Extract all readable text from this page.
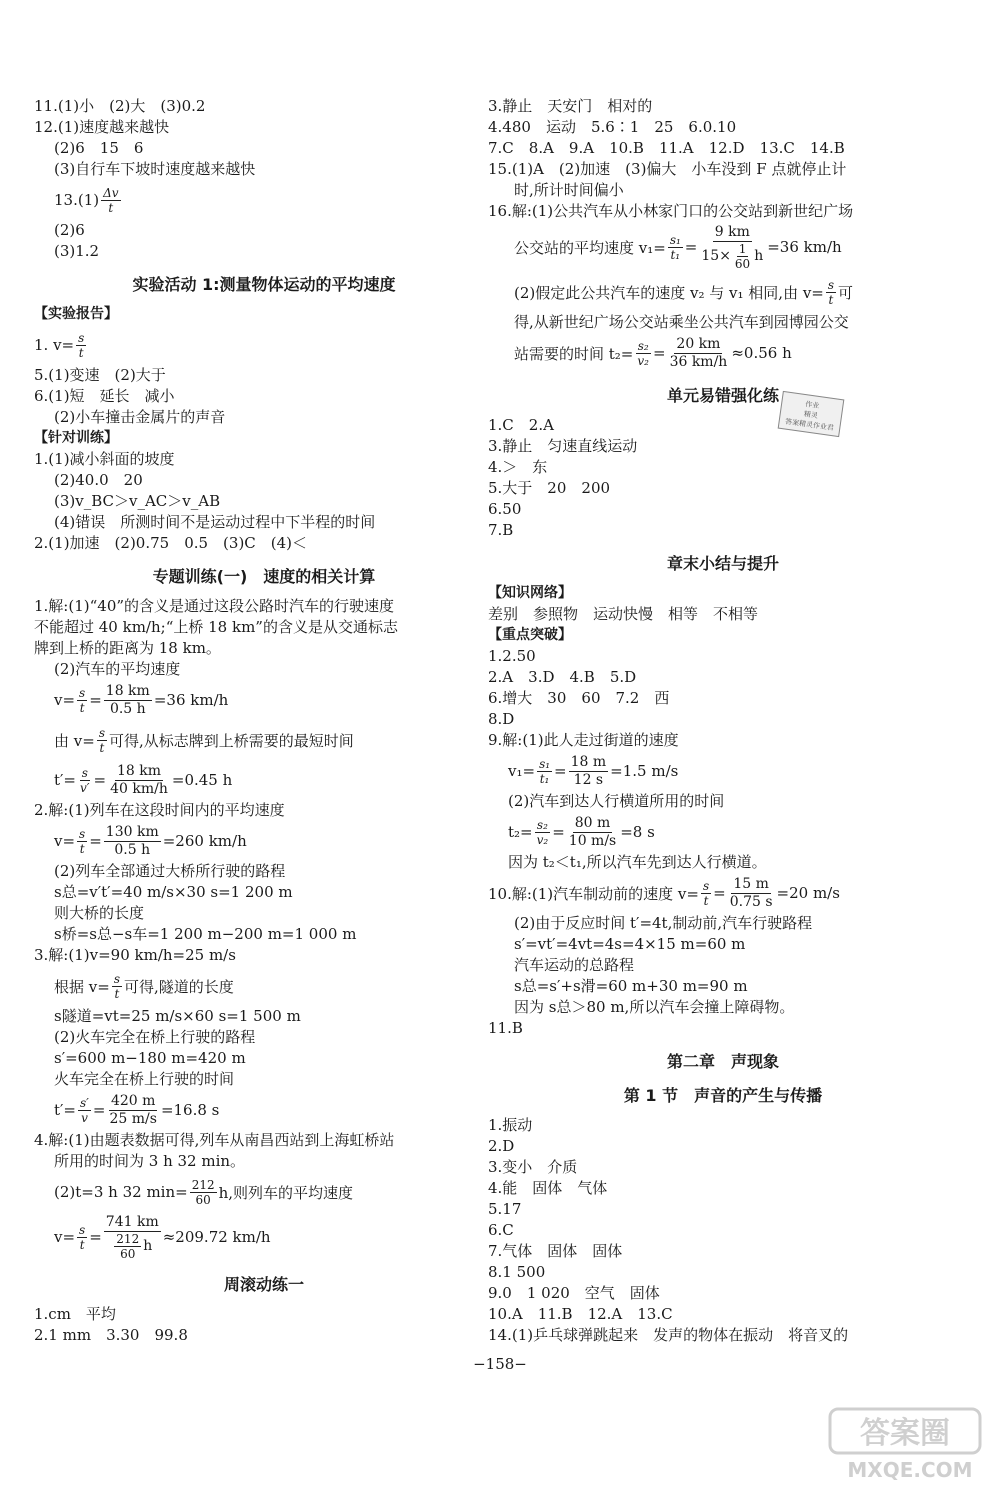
11.(1)小　(2)大　(3)0.2
12.(1)速度越来越快
(2)6　15　6
(3)自行车下坡时速度越来越快
13.(1) Δv
t
(2)6
(3)1.2
实验活动 1:测量物体运动的平均速度
【实验报告】
1. $v= \frac{s}{t}$
5.(1)变速　(2)大于
6.(1)短　延长　减小
(2)小车撞击金属片的声音
【针对训练】
1.(1)减小斜面的坡度
(2)40.0　20
(3)v_BC＞v_AC＞v_AB
(4)错误　所测时间不是运动过程中下半程的时间
2.(1)加速　(2)0.75　0.5　(3)C　(4)＜
专题训练(一)　速度的相关计算
1.解:(1)“40”的含义是通过这段公路时汽车的行驶速度
不能超过 40 km/h;“上桥 18 km”的含义是从交通标志
牌到上桥的距离为 18 km。
(2)汽车的平均速度
$v= \frac{s}{t} = \frac{18 km}{0.5 h} =36$ km/h
由 $v= \frac{s}{t}$ 可得,从标志牌到上桥需要的最短时间
$t'= \frac{s}{v'} = \frac{18 km}{40 km/h} =0.45$ h
2.解:(1)列车在这段时间内的平均速度
$v= \frac{s}{t} = \frac{130 km}{0.5 h} =260$ km/h
(2)列车全部通过大桥所行驶的路程
s总=v′t′=40 m/s×30 s=1 200 m
则大桥的长度
s桥=s总−s车=1 200 m−200 m=1 000 m
3.解:(1)v=90 km/h=25 m/s
根据 $v= \frac{s}{t}$ 可得,隧道的长度
s隧道=vt=25 m/s×60 s=1 500 m
(2)火车完全在桥上行驶的路程
s′=600 m−180 m=420 m
火车完全在桥上行驶的时间
$t'= \frac{s'}{v} = \frac{420 m}{25 m/s} =16.8$ s
4.解:(1)由题表数据可得,列车从南昌西站到上海虹桥站
所用的时间为 3 h 32 min。
(2)t=3 h 32 $\min= \frac{212}{60} h$,则列车的平均速度
$v= \frac{s}{t} = 741$ km
212
60 h ≈209.72 km/h
周滚动练一
1.cm　平均
2.1 mm　3.30　99.8
3.静止　天安门　相对的
4.480　运动　5.6∶1　25　6.0.10
7.C　8.A　9.A　10.B　11.A　12.D　13.C　14.B
15.(1)A　(2)加速　(3)偏大　小车没到 F 点就停止计
时,所计时间偏小
16.解:(1)公共汽车从小林家门口的公交站到新世纪广场
公交站的平均速度 $v_1= \frac{\text{s₁}}{\text{t₁}} = \frac{9 km}{15\times \frac{1}{60} h} =36$ km/h
(2)假定此公共汽车的速度 v₂ 与 v₁ 相同,由 $v= \frac{s}{t}$ 可
得,从新世纪广场公交站乘坐公共汽车到园博园公交
站需要的时间 $t_2= \frac{\text{s₂}}{\text{v₂}} = \frac{20 km}{36 km/h} \approx 0.56$ h
单元易错强化练
1.C　2.A
3.静止　匀速直线运动
4.＞　东
5.大于　20　200
6.50
7.B
章末小结与提升
【知识网络】
差别　参照物　运动快慢　相等　不相等
【重点突破】
1.2.50
2.A　3.D　4.B　5.D
6.增大　30　60　7.2　西
8.D
9.解:(1)此人走过街道的速度
$v_1= \frac{\text{s₁}}{\text{t₁}} = \frac{18 m}{12 s} =1.5$ m/s
(2)汽车到达人行横道所用的时间
$t_2= \frac{\text{s₂}}{\text{v₂}} = \frac{80 m}{10 m/s} =8$ s
因为 t₂＜t₁,所以汽车先到达人行横道。
10.解:(1)汽车制动前的速度 $v= \frac{s}{t} = \frac{15 m}{0.75 s} =20$ m/s
(2)由于反应时间 t′=4t,制动前,汽车行驶路程
s′=vt′=4vt=4s=4×15 m=60 m
汽车运动的总路程
s总=s′+s滑=60 m+30 m=90 m
因为 s总＞80 m,所以汽车会撞上障碍物。
11.B
第二章　声现象
第 1 节　声音的产生与传播
1.振动
2.D
3.变小　介质
4.能　固体　气体
5.17
6.C
7.气体　固体　固体
8.1 500
9.0　1 020　空气　固体
10.A　11.B　12.A　13.C
14.(1)乒乓球弹跳起来　发声的物体在振动　将音叉的
作业
精灵
答案精灵作业君
−158−
答案圈
MXQE.COM
